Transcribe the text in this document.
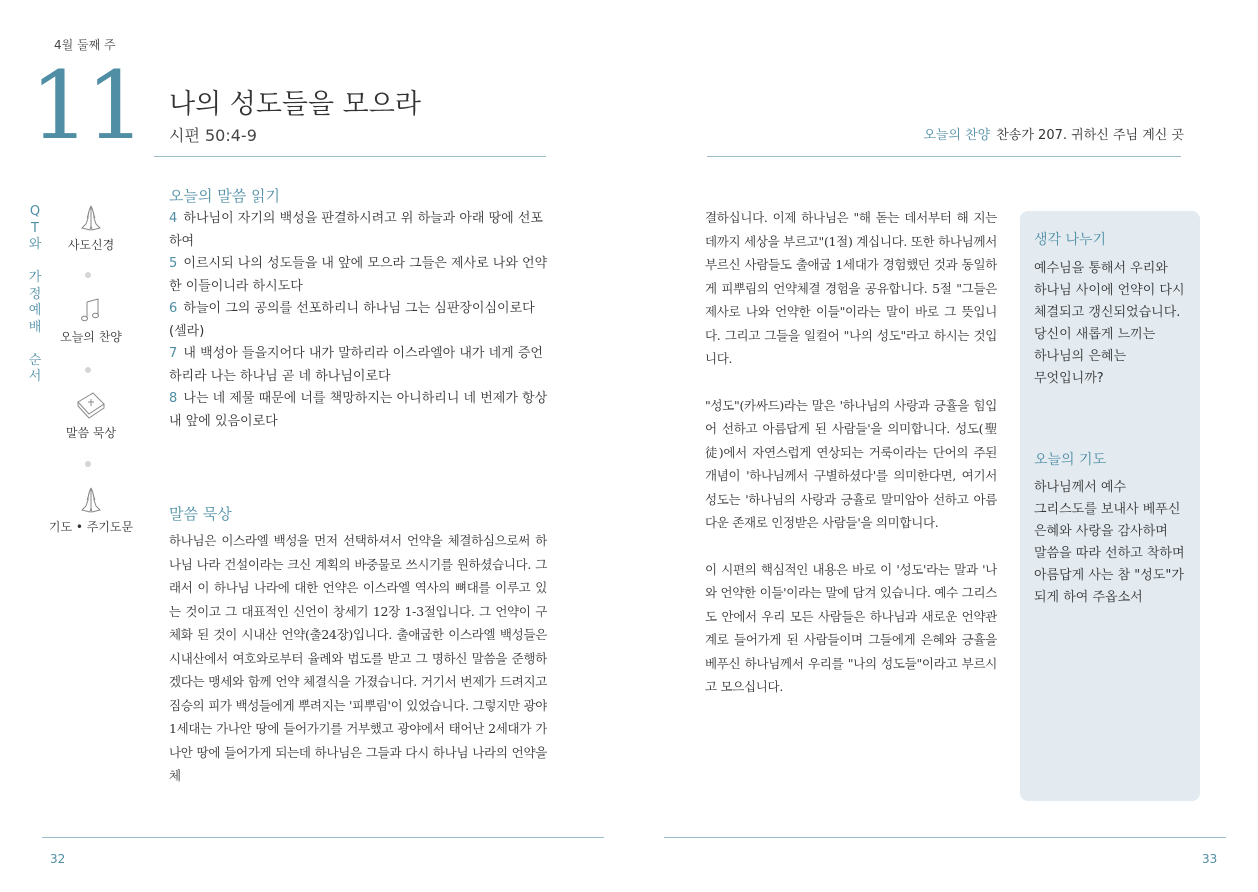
4월 둘째 주
11 나의 성도들을 모으라
시편 50:4-9	오늘의 찬양 찬송가 207. 귀하신 주님 계신 곳
Q
T
와

가
정
예
배

순
서
사도신경
오늘의 찬양
말씀 묵상
기도 • 주기도문
오늘의 말씀 읽기
4 하나님이 자기의 백성을 판결하시려고 위 하늘과 아래 땅에 선포하여
5 이르시되 나의 성도들을 내 앞에 모으라 그들은 제사로 나와 언약한 이들이니라 하시도다
6 하늘이 그의 공의를 선포하리니 하나님 그는 심판장이심이로다 (셀라)
7 내 백성아 들을지어다 내가 말하리라 이스라엘아 내가 네게 증언하리라 나는 하나님 곧 네 하나님이로다
8 나는 네 제물 때문에 너를 책망하지는 아니하리니 네 번제가 항상 내 앞에 있음이로다
말씀 묵상
하나님은 이스라엘 백성을 먼저 선택하셔서 언약을 체결하심으로써 하나님 나라 건설이라는 크신 계획의 바중물로 쓰시기를 원하셨습니다. 그래서 이 하나님 나라에 대한 언약은 이스라엘 역사의 뼈대를 이루고 있는 것이고 그 대표적인 신언이 창세기 12장 1-3절입니다. 그 언약이 구체화 된 것이 시내산 언약(출24장)입니다. 출애굽한 이스라엘 백성들은 시내산에서 여호와로부터 율례와 법도를 받고 그 명하신 말씀을 준행하겠다는 맹세와 함께 언약 체결식을 가졌습니다. 거기서 번제가 드려지고 짐승의 피가 백성들에게 뿌려지는 '피뿌림'이 있었습니다. 그렇지만 광야 1세대는 가나안 땅에 들어가기를 거부했고 광야에서 태어난 2세대가 가나안 땅에 들어가게 되는데 하나님은 그들과 다시 하나님 나라의 언약을 체

결하십니다. 이제 하나님은 "해 돋는 데서부터 해 지는 데까지 세상을 부르고"(1절) 계십니다. 또한 하나님께서 부르신 사람들도 출애굽 1세대가 경험했던 것과 동일하게 피뿌림의 언약체결 경험을 공유합니다. 5절 "그들은 제사로 나와 언약한 이들"이라는 말이 바로 그 뜻입니다. 그리고 그들을 일컬어 "나의 성도"라고 하시는 것입니다.

"성도"(카싸드)라는 말은 '하나님의 사랑과 긍휼을 힘입어 선하고 아름답게 된 사람들'을 의미합니다. 성도(聖徒)에서 자연스럽게 연상되는 거룩이라는 단어의 주된 개념이 '하나님께서 구별하셨다'를 의미한다면, 여기서 성도는 '하나님의 사랑과 긍휼로 말미암아 선하고 아름다운 존재로 인정받은 사람들'을 의미합니다.

이 시편의 핵심적인 내용은 바로 이 '성도'라는 말과 '나와 언약한 이들'이라는 말에 담겨 있습니다. 예수 그리스도 안에서 우리 모든 사람들은 하나님과 새로운 언약관계로 들어가게 된 사람들이며 그들에게 은혜와 긍휼을 베푸신 하나님께서 우리를 "나의 성도들"이라고 부르시고 모으십니다.

생각 나누기
예수님을 통해서 우리와 하나님 사이에 언약이 다시 체결되고 갱신되었습니다. 당신이 새롭게 느끼는 하나님의 은혜는 무엇입니까?
오늘의 기도
하나님께서 예수 그리스도를 보내사 베푸신 은혜와 사랑을 감사하며 말씀을 따라 선하고 착하며 아름답게 사는 참 "성도"가 되게 하여 주옵소서
32	33
